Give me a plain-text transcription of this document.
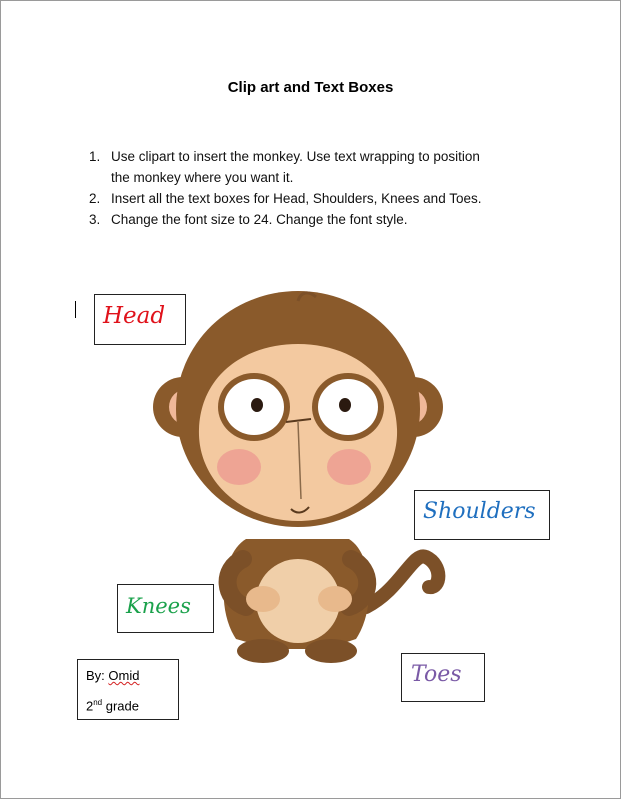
Clip art and Text Boxes
1. Use clipart to insert the monkey. Use text wrapping to position
the monkey where you want it.
2. Insert all the text boxes for Head, Shoulders, Knees and Toes.
3. Change the font size to 24. Change the font style.
Head
Shoulders
Knees
Toes
By: Omid
2nd grade
